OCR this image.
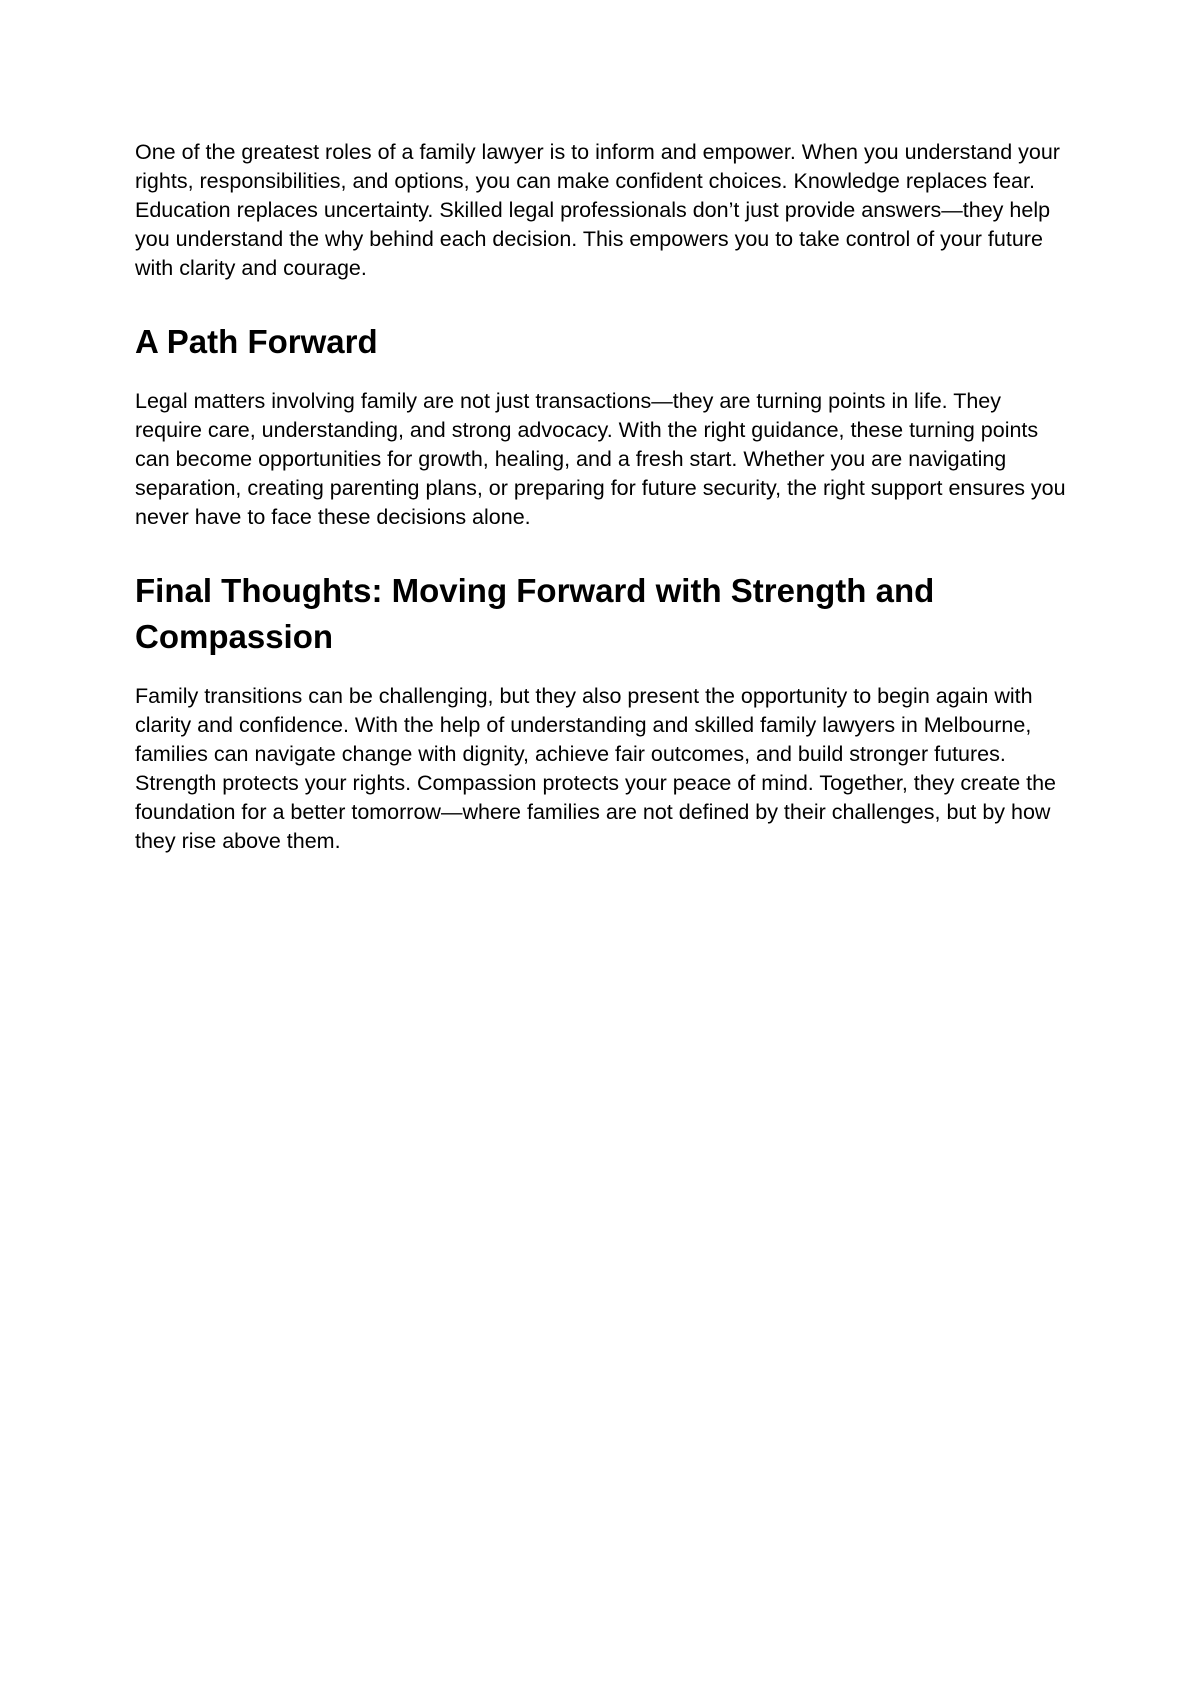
One of the greatest roles of a family lawyer is to inform and empower. When you understand your rights, responsibilities, and options, you can make confident choices. Knowledge replaces fear. Education replaces uncertainty. Skilled legal professionals don’t just provide answers—they help you understand the why behind each decision. This empowers you to take control of your future with clarity and courage.

A Path Forward

Legal matters involving family are not just transactions—they are turning points in life. They require care, understanding, and strong advocacy. With the right guidance, these turning points can become opportunities for growth, healing, and a fresh start. Whether you are navigating separation, creating parenting plans, or preparing for future security, the right support ensures you never have to face these decisions alone.

Final Thoughts: Moving Forward with Strength and Compassion

Family transitions can be challenging, but they also present the opportunity to begin again with clarity and confidence. With the help of understanding and skilled family lawyers in Melbourne, families can navigate change with dignity, achieve fair outcomes, and build stronger futures. Strength protects your rights. Compassion protects your peace of mind. Together, they create the foundation for a better tomorrow—where families are not defined by their challenges, but by how they rise above them.
